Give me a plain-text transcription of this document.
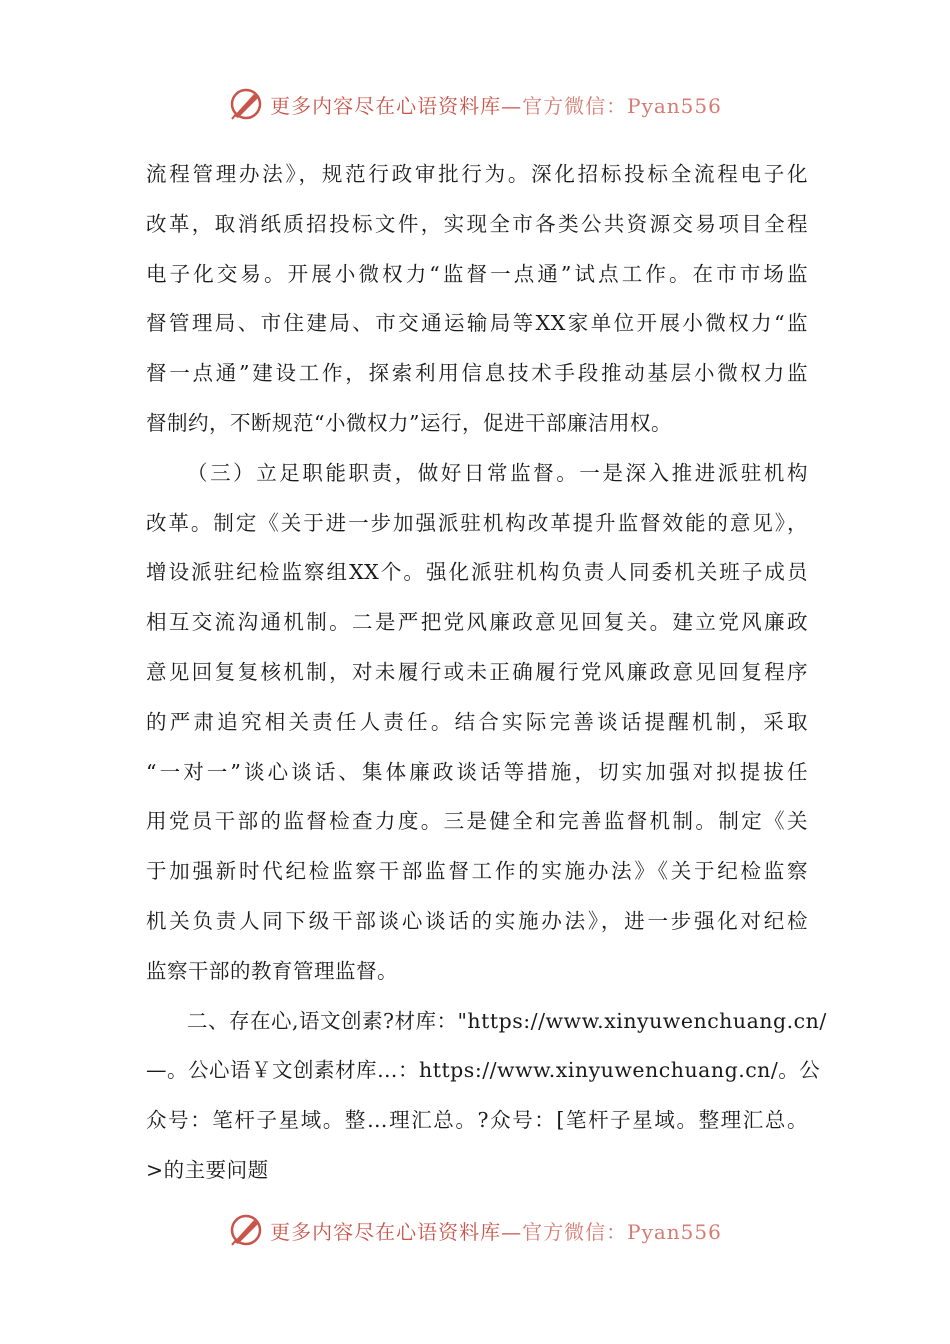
更多内容尽在心语资料库—官方微信：Pyan556
流程管理办法》，规范行政审批行为。深化招标投标全流程电子化
改革，取消纸质招投标文件，实现全市各类公共资源交易项目全程
电子化交易。开展小微权力“监督一点通”试点工作。在市市场监
督管理局、市住建局、市交通运输局等XX家单位开展小微权力“监
督一点通”建设工作，探索利用信息技术手段推动基层小微权力监
督制约，不断规范“小微权力”运行，促进干部廉洁用权。
（三）立足职能职责，做好日常监督。一是深入推进派驻机构
改革。制定《关于进一步加强派驻机构改革提升监督效能的意见》，
增设派驻纪检监察组XX个。强化派驻机构负责人同委机关班子成员
相互交流沟通机制。二是严把党风廉政意见回复关。建立党风廉政
意见回复复核机制，对未履行或未正确履行党风廉政意见回复程序
的严肃追究相关责任人责任。结合实际完善谈话提醒机制，采取
“一对一”谈心谈话、集体廉政谈话等措施，切实加强对拟提拔任
用党员干部的监督检查力度。三是健全和完善监督机制。制定《关
于加强新时代纪检监察干部监督工作的实施办法》《关于纪检监察
机关负责人同下级干部谈心谈话的实施办法》，进一步强化对纪检
监察干部的教育管理监督。
二、存在心,语文创素?材库："https://www.xinyuwenchuang.cn/
—。公心语￥文创素材库…：https://www.xinyuwenchuang.cn/。公
众号：笔杆子星域。整…理汇总。?众号：[笔杆子星域。整理汇总。
>的主要问题
更多内容尽在心语资料库—官方微信：Pyan556
